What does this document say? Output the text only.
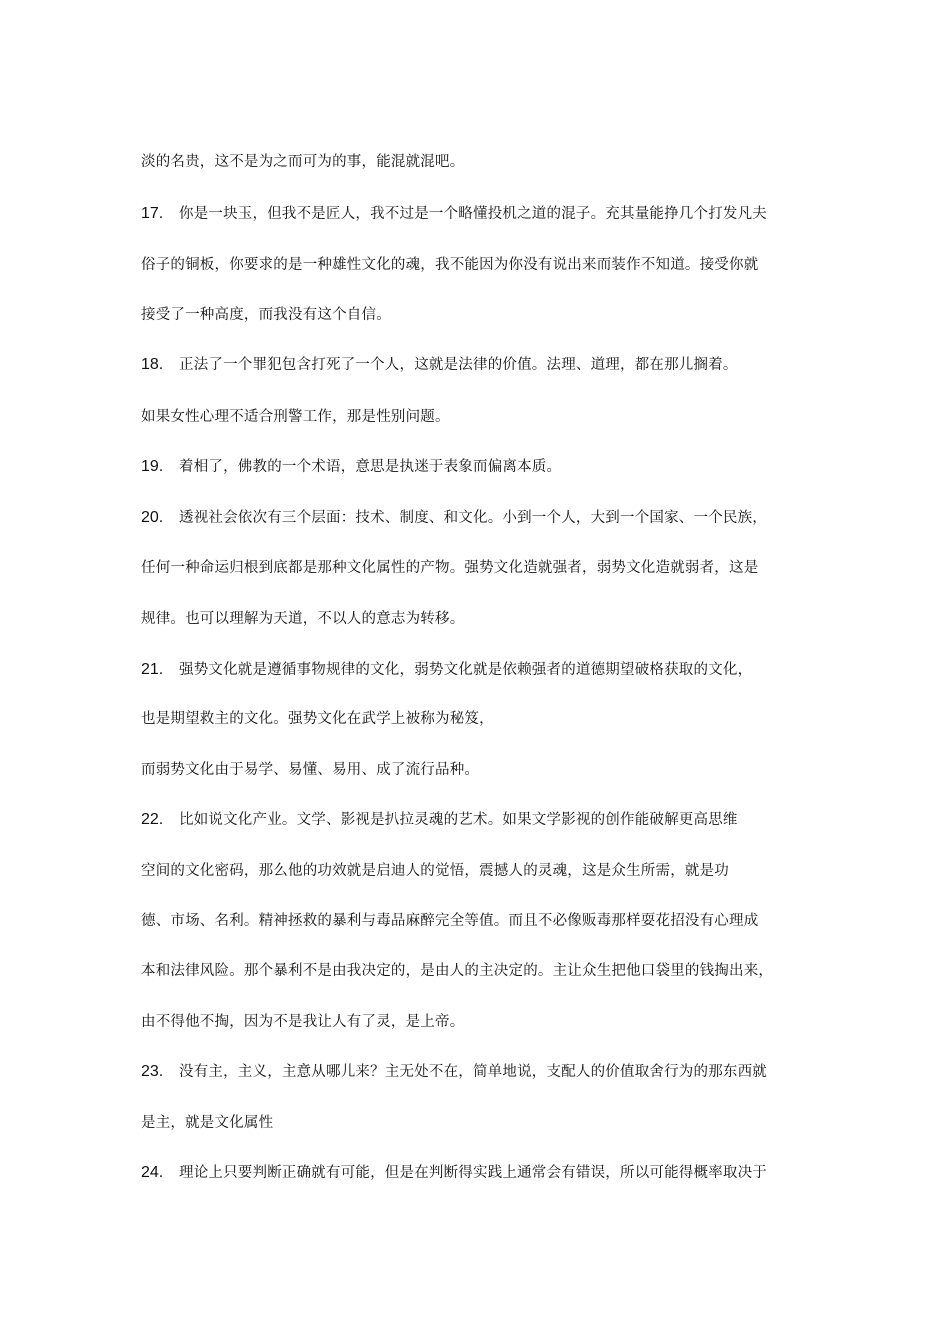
淡的名贵，这不是为之而可为的事，能混就混吧。
17. 你是一块玉，但我不是匠人，我不过是一个略懂投机之道的混子。充其量能挣几个打发凡夫
俗子的铜板，你要求的是一种雄性文化的魂，我不能因为你没有说出来而装作不知道。接受你就
接受了一种高度，而我没有这个自信。
18. 正法了一个罪犯包含打死了一个人，这就是法律的价值。法理、道理，都在那儿搁着。
如果女性心理不适合刑警工作，那是性别问题。
19. 着相了，佛教的一个术语，意思是执迷于表象而偏离本质。
20. 透视社会依次有三个层面：技术、制度、和文化。小到一个人，大到一个国家、一个民族，
任何一种命运归根到底都是那种文化属性的产物。强势文化造就强者，弱势文化造就弱者，这是
规律。也可以理解为天道，不以人的意志为转移。
21. 强势文化就是遵循事物规律的文化，弱势文化就是依赖强者的道德期望破格获取的文化，
也是期望救主的文化。强势文化在武学上被称为秘笈，
而弱势文化由于易学、易懂、易用、成了流行品种。
22. 比如说文化产业。文学、影视是扒拉灵魂的艺术。如果文学影视的创作能破解更高思维
空间的文化密码，那么他的功效就是启迪人的觉悟，震撼人的灵魂，这是众生所需，就是功
德、市场、名利。精神拯救的暴利与毒品麻醉完全等值。而且不必像贩毒那样耍花招没有心理成
本和法律风险。那个暴利不是由我决定的，是由人的主决定的。主让众生把他口袋里的钱掏出来，
由不得他不掏，因为不是我让人有了灵，是上帝。
23. 没有主，主义，主意从哪儿来？主无处不在，简单地说，支配人的价值取舍行为的那东西就
是主，就是文化属性
24. 理论上只要判断正确就有可能，但是在判断得实践上通常会有错误，所以可能得概率取决于
